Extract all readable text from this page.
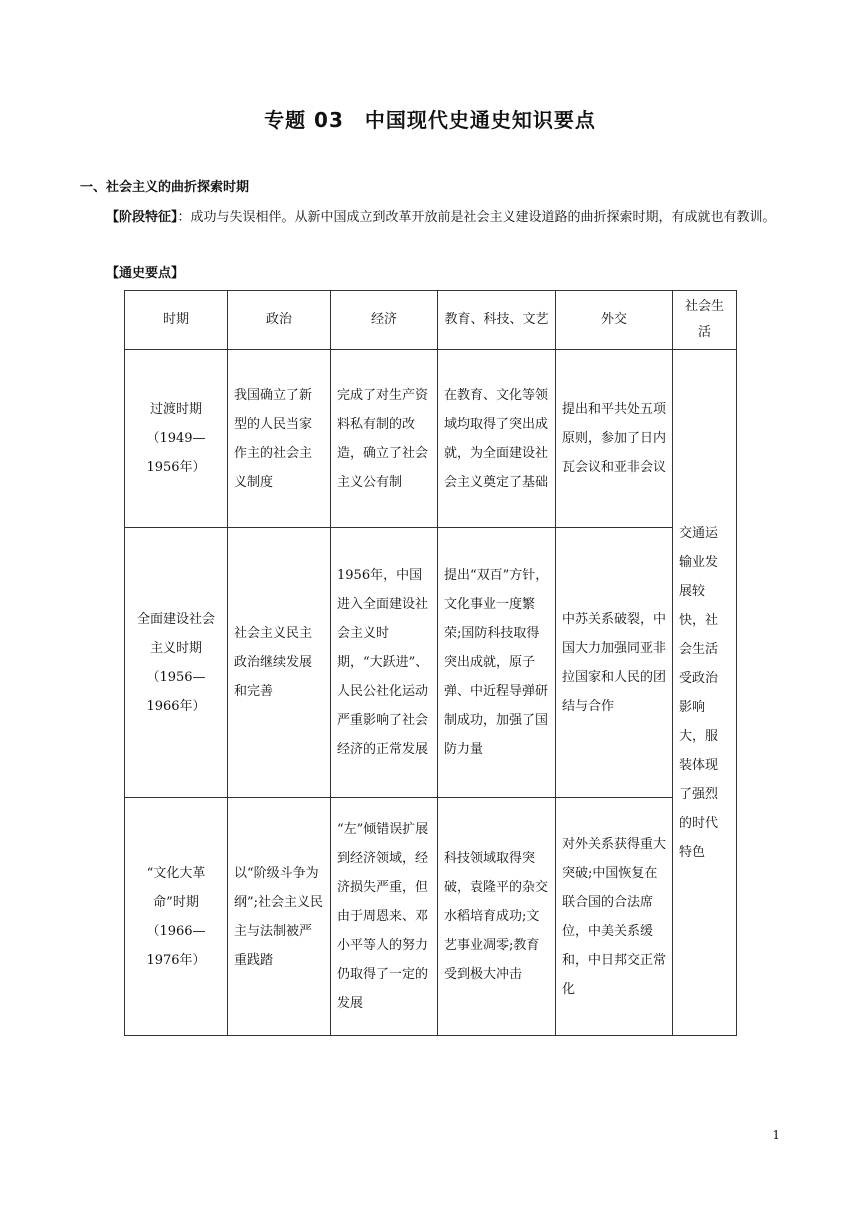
专题 03　中国现代史通史知识要点
一、社会主义的曲折探索时期

【阶段特征】：成功与失误相伴。从新中国成立到改革开放前是社会主义建设道路的曲折探索时期，有成就也有教训。

【通史要点】
时期	政治	经济	教育、科技、文艺	外交	社会生活
过渡时期（1949—1956年）	我国确立了新型的人民当家作主的社会主义制度	完成了对生产资料私有制的改造，确立了社会主义公有制	在教育、文化等领域均取得了突出成就，为全面建设社会主义奠定了基础	提出和平共处五项原则，参加了日内瓦会议和亚非会议	交通运输业发展较快，社会生活受政治影响大，服装体现了强烈的时代特色
全面建设社会主义时期（1956—1966年）	社会主义民主政治继续发展和完善	1956年，中国进入全面建设社会主义时期，“大跃进”、人民公社化运动严重影响了社会经济的正常发展	提出“双百”方针，文化事业一度繁荣;国防科技取得突出成就，原子弹、中近程导弹研制成功，加强了国防力量	中苏关系破裂，中国大力加强同亚非拉国家和人民的团结与合作	
“文化大革命”时期（1966—1976年）	以“阶级斗争为纲”;社会主义民主与法制被严重践踏	“左”倾错误扩展到经济领域，经济损失严重，但由于周恩来、邓小平等人的努力仍取得了一定的发展	科技领域取得突破，袁隆平的杂交水稻培育成功;文艺事业凋零;教育受到极大冲击	对外关系获得重大突破;中国恢复在联合国的合法席位，中美关系缓和，中日邦交正常化	
1
